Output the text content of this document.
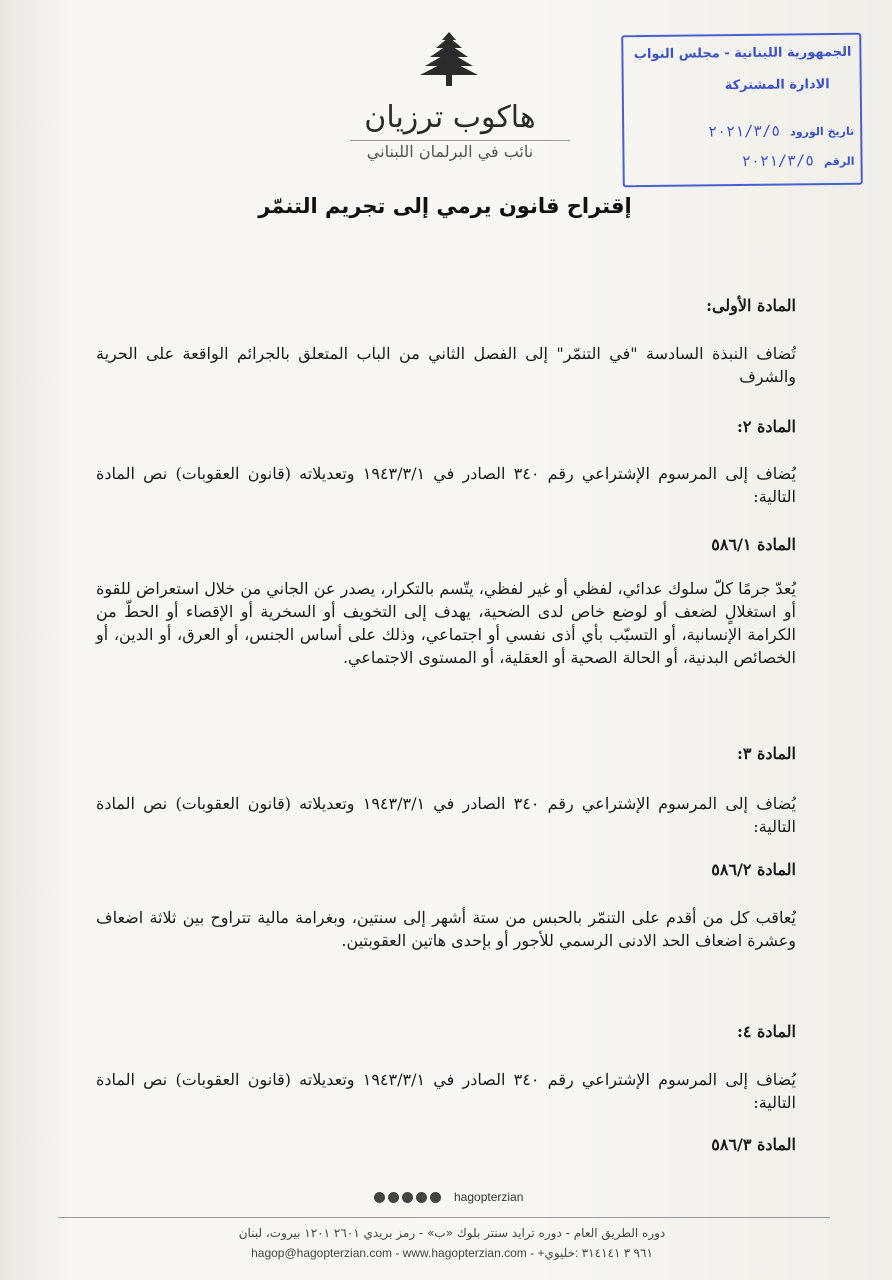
هاكوب ترزيان
نائب في البرلمان اللبناني
الجمهورية اللبنانية - مجلس النواب
الادارة المشتركة
تاريخ الورود ٢٠٢١/٣/٥
الرقم ٢٠٢١/٣/٥
إقتراح قانون يرمي إلى تجريم التنمّر
المادة الأولى:
تُضاف النبذة السادسة "في التنمّر" إلى الفصل الثاني من الباب المتعلق بالجرائم الواقعة على الحرية والشرف
المادة ٢:
يُضاف إلى المرسوم الإشتراعي رقم ٣٤٠ الصادر في ١٩٤٣/٣/١ وتعديلاته (قانون العقوبات) نص المادة التالية:
المادة ٥٨٦/١
يُعدّ جرمًا كلّ سلوك عدائي، لفظي أو غير لفظي، يتّسم بالتكرار، يصدر عن الجاني من خلال استعراض للقوة أو استغلالٍ لضعف أو لوضع خاص لدى الضحية، يهدف إلى التخويف أو السخرية أو الإقصاء أو الحطّ من الكرامة الإنسانية، أو التسبّب بأي أذى نفسي أو اجتماعي، وذلك على أساس الجنس، أو العرق، أو الدين، أو الخصائص البدنية، أو الحالة الصحية أو العقلية، أو المستوى الاجتماعي.
المادة ٣:
يُضاف إلى المرسوم الإشتراعي رقم ٣٤٠ الصادر في ١٩٤٣/٣/١ وتعديلاته (قانون العقوبات) نص المادة التالية:
المادة ٥٨٦/٢
يُعاقب كل من أقدم على التنمّر بالحبس من ستة أشهر إلى سنتين، وبغرامة مالية تتراوح بين ثلاثة اضعاف وعشرة اضعاف الحد الادنى الرسمي للأجور أو بإحدى هاتين العقوبتين.
المادة ٤:
يُضاف إلى المرسوم الإشتراعي رقم ٣٤٠ الصادر في ١٩٤٣/٣/١ وتعديلاته (قانون العقوبات) نص المادة التالية:
المادة ٥٨٦/٣
hagopterzian
دوره الطريق العام - دوره ترايد سنتر بلوك «ب» - رمز بريدي ٢٦٠١ ١٢٠١ بيروت، لبنان
hagop@hagopterzian.com - www.hagopterzian.com - +٩٦١ ٣ ٣١٤١٤١ :خليوي
